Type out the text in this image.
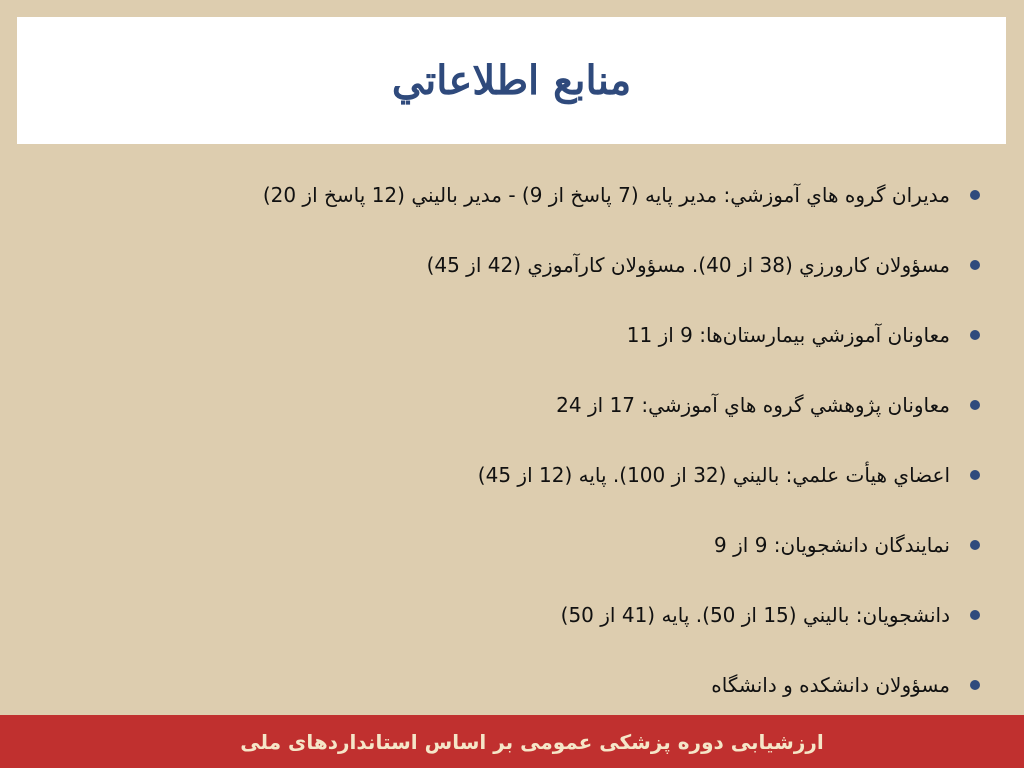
منابع اطلاعاتي
مديران گروه هاي آموزشي: مدير پايه (7 پاسخ از 9) - مدير باليني (12 پاسخ از 20)
مسؤولان كارورزي (38 از 40). مسؤولان كارآموزي (42 از 45)
معاونان آموزشي بيمارستان‌ها: 9 از 11
معاونان پژوهشي گروه هاي آموزشي: 17 از 24
اعضاي هيأت علمي: باليني (32 از 100). پايه (12 از 45)
نمايندگان دانشجويان: 9 از 9
دانشجويان: باليني (15 از 50). پايه (41 از 50)
مسؤولان دانشكده و دانشگاه
ارزشیابی دوره پزشکی عمومی بر اساس استانداردهای ملی
